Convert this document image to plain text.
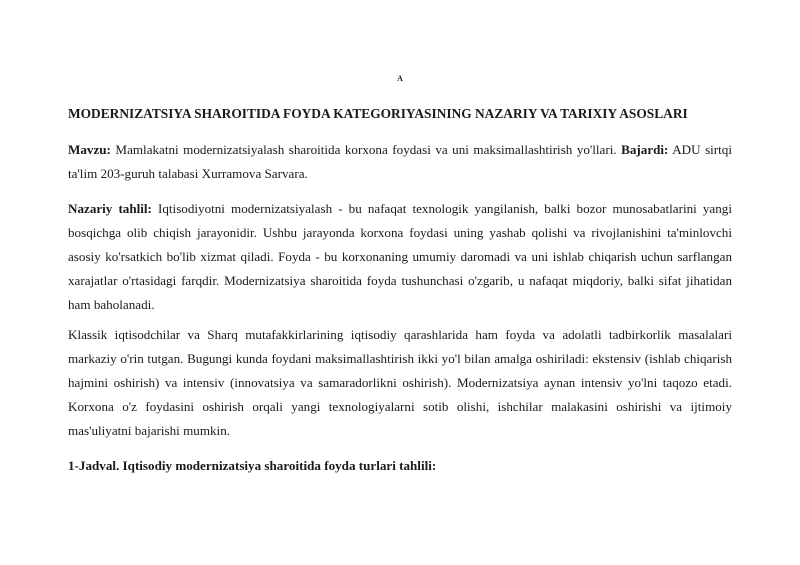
A
MODERNIZATSIYA SHAROITIDA FOYDA KATEGORIYASINING NAZARIY VA TARIXIY ASOSLARI

Mavzu: Mamlakatni modernizatsiyalash sharoitida korxona foydasi va uni maksimallashtirish yo'llari. Bajardi: ADU sirtqi ta'lim 203-guruh talabasi Xurramova Sarvara.

Nazariy tahlil: Iqtisodiyotni modernizatsiyalash - bu nafaqat texnologik yangilanish, balki bozor munosabatlarini yangi bosqichga olib chiqish jarayonidir. Ushbu jarayonda korxona foydasi uning yashab qolishi va rivojlanishini ta'minlovchi asosiy ko'rsatkich bo'lib xizmat qiladi. Foyda - bu korxonaning umumiy daromadi va uni ishlab chiqarish uchun sarflangan xarajatlar o'rtasidagi farqdir. Modernizatsiya sharoitida foyda tushunchasi o'zgarib, u nafaqat miqdoriy, balki sifat jihatidan ham baholanadi.

Klassik iqtisodchilar va Sharq mutafakkirlarining iqtisodiy qarashlarida ham foyda va adolatli tadbirkorlik masalalari markaziy o'rin tutgan. Bugungi kunda foydani maksimallashtirish ikki yo'l bilan amalga oshiriladi: ekstensiv (ishlab chiqarish hajmini oshirish) va intensiv (innovatsiya va samaradorlikni oshirish). Modernizatsiya aynan intensiv yo'lni taqozo etadi. Korxona o'z foydasini oshirish orqali yangi texnologiyalarni sotib olishi, ishchilar malakasini oshirishi va ijtimoiy mas'uliyatni bajarishi mumkin.

1-Jadval. Iqtisodiy modernizatsiya sharoitida foyda turlari tahlili:
